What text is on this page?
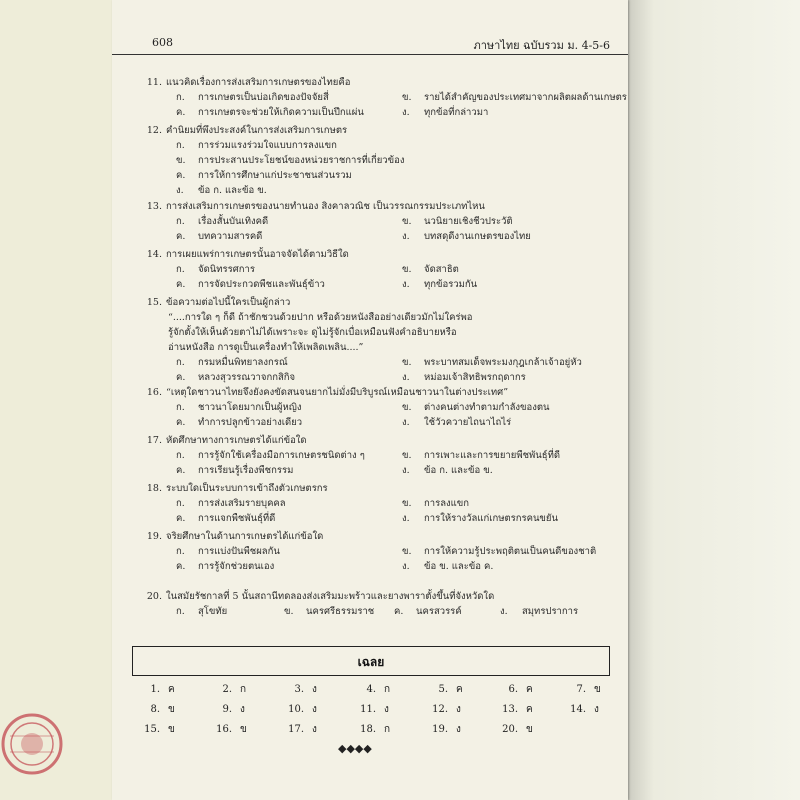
608	ภาษาไทย ฉบับรวม ม. 4-5-6
11. แนวคิดเรื่องการส่งเสริมการเกษตรของไทยคือ
ก. การเกษตรเป็นบ่อเกิดของปัจจัยสี่	ข. รายได้สำคัญของประเทศมาจากผลิตผลด้านเกษตร
ค. การเกษตรจะช่วยให้เกิดความเป็นปึกแผ่น	ง. ทุกข้อที่กล่าวมา
12. คำนิยมที่พึงประสงค์ในการส่งเสริมการเกษตร
ก. การร่วมแรงร่วมใจแบบการลงแขก
ข. การประสานประโยชน์ของหน่วยราชการที่เกี่ยวข้อง
ค. การให้การศึกษาแก่ประชาชนส่วนรวม
ง. ข้อ ก. และข้อ ข.
13. การส่งเสริมการเกษตรของนายทำนอง สิงคาลวณิช เป็นวรรณกรรมประเภทไหน
ก. เรื่องสั้นบันเทิงคดี	ข. นวนิยายเชิงชีวประวัติ
ค. บทความสารคดี	ง. บทสดุดีงานเกษตรของไทย
14. การเผยแพร่การเกษตรนั้นอาจจัดได้ตามวิธีใด
ก. จัดนิทรรศการ	ข. จัดสาธิต
ค. การจัดประกวดพืชและพันธุ์ข้าว	ง. ทุกข้อรวมกัน
15. ข้อความต่อไปนี้ใครเป็นผู้กล่าว
“....การใด ๆ ก็ดี ถ้าชักชวนด้วยปาก หรือด้วยหนังสืออย่างเดียวมักไม่ใคร่พอ
รู้จักตั้งให้เห็นด้วยตาไม่ได้เพราะจะ ดูไม่รู้จักเบื่อเหมือนฟังคำอธิบายหรือ
อ่านหนังสือ การดูเป็นเครื่องทำให้เพลิดเพลิน....”
ก. กรมหมื่นพิทยาลงกรณ์	ข. พระบาทสมเด็จพระมงกุฎเกล้าเจ้าอยู่หัว
ค. หลวงสุวรรณวาจกกสิกิจ	ง. หม่อมเจ้าสิทธิพรกฤดากร
16. “เหตุใดชาวนาไทยจึงยังคงขัดสนจนยากไม่มั่งมีบริบูรณ์เหมือนชาวนาในต่างประเทศ”
ก. ชาวนาโดยมากเป็นผู้หญิง	ข. ต่างคนต่างทำตามกำลังของตน
ค. ทำการปลูกข้าวอย่างเดียว	ง. ใช้วัวควายไถนาไถไร่
17. หัดศึกษาทางการเกษตรได้แก่ข้อใด
ก. การรู้จักใช้เครื่องมือการเกษตรชนิดต่าง ๆ	ข. การเพาะและการขยายพืชพันธุ์ที่ดี
ค. การเรียนรู้เรื่องพืชกรรม	ง. ข้อ ก. และข้อ ข.
18. ระบบใดเป็นระบบการเข้าถึงตัวเกษตรกร
ก. การส่งเสริมรายบุคคล	ข. การลงแขก
ค. การแจกพืชพันธุ์ที่ดี	ง. การให้รางวัลแก่เกษตรกรคนขยัน
19. จริยศึกษาในด้านการเกษตรได้แก่ข้อใด
ก. การแบ่งปันพืชผลกัน	ข. การให้ความรู้ประพฤติตนเป็นคนดีของชาติ
ค. การรู้จักช่วยตนเอง	ง. ข้อ ข. และข้อ ค.
20. ในสมัยรัชกาลที่ 5 นั้นสถานีทดลองส่งเสริมมะพร้าวและยางพาราตั้งขึ้นที่จังหวัดใด
ก. สุโขทัย	ข. นครศรีธรรมราช ค. นครสวรรค์	ง. สมุทรปราการ
เฉลย
1. ค	2. ก	3. ง	4. ก	5. ค	6. ค	7. ข
8. ข	9. ง	10. ง	11. ง	12. ง	13. ค	14. ง
15. ข	16. ข	17. ง	18. ก	19. ง	20. ข
◆◆◆◆
